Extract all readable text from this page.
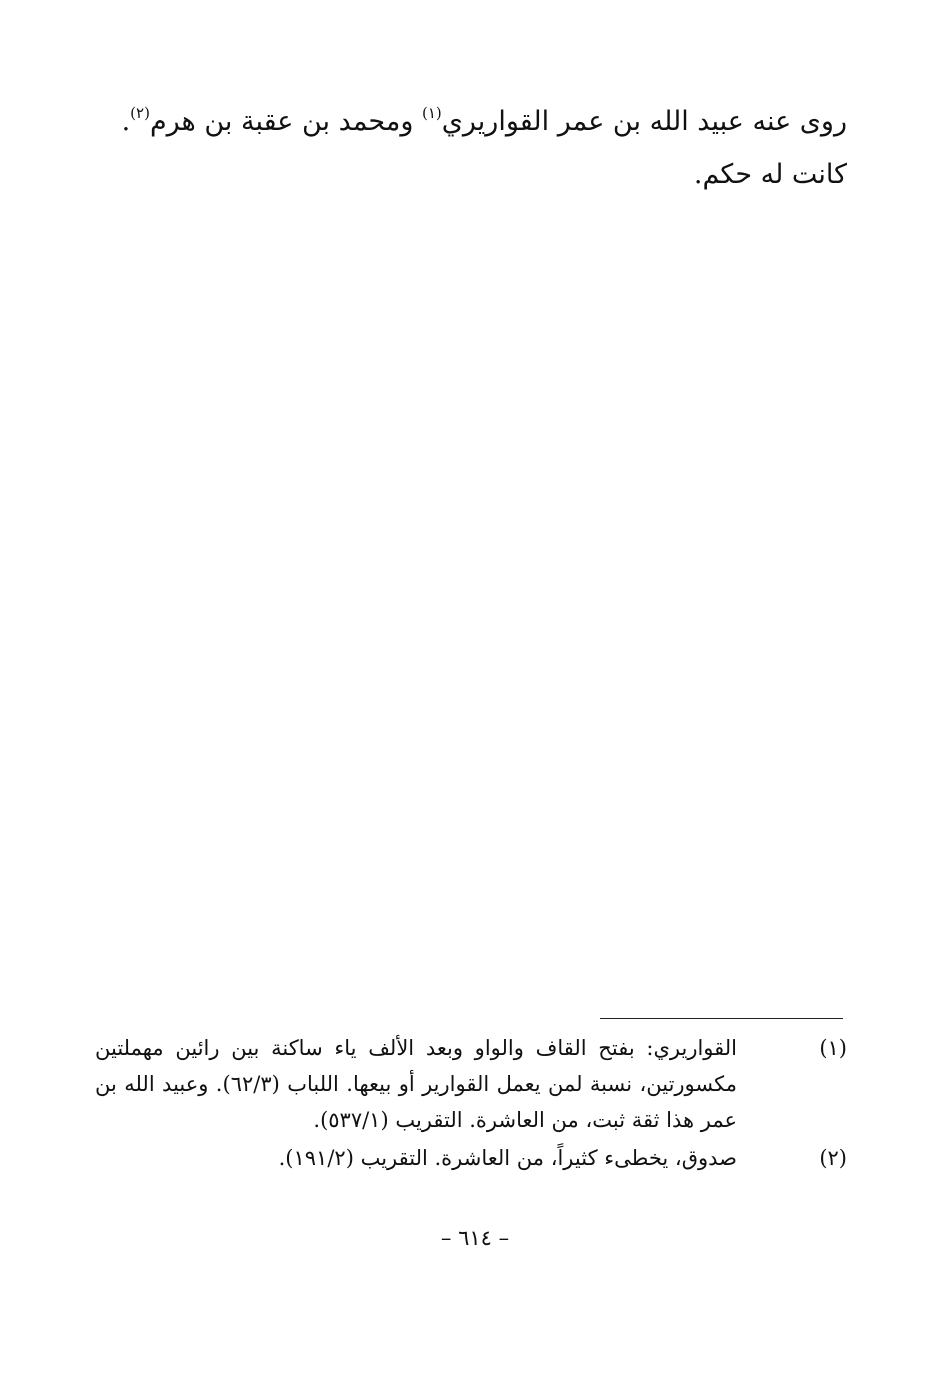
روى عنه عبيد الله بن عمر القواريري$^{(١)}$ ومحمد بن عقبة بن هرم$^{(٢)}$. كانت له حكم.

(١)
القواريري: بفتح القاف والواو وبعد الألف ياء ساكنة بين رائين مهملتين مكسورتين، نسبة لمن يعمل القوارير أو بيعها. اللباب (٦٢/٣). وعبيد الله بن عمر هذا ثقة ثبت، من العاشرة. التقريب (٥٣٧/١).
(٢)
صدوق، يخطىء كثيراً، من العاشرة. التقريب (١٩١/٢).
– ٦١٤ –
